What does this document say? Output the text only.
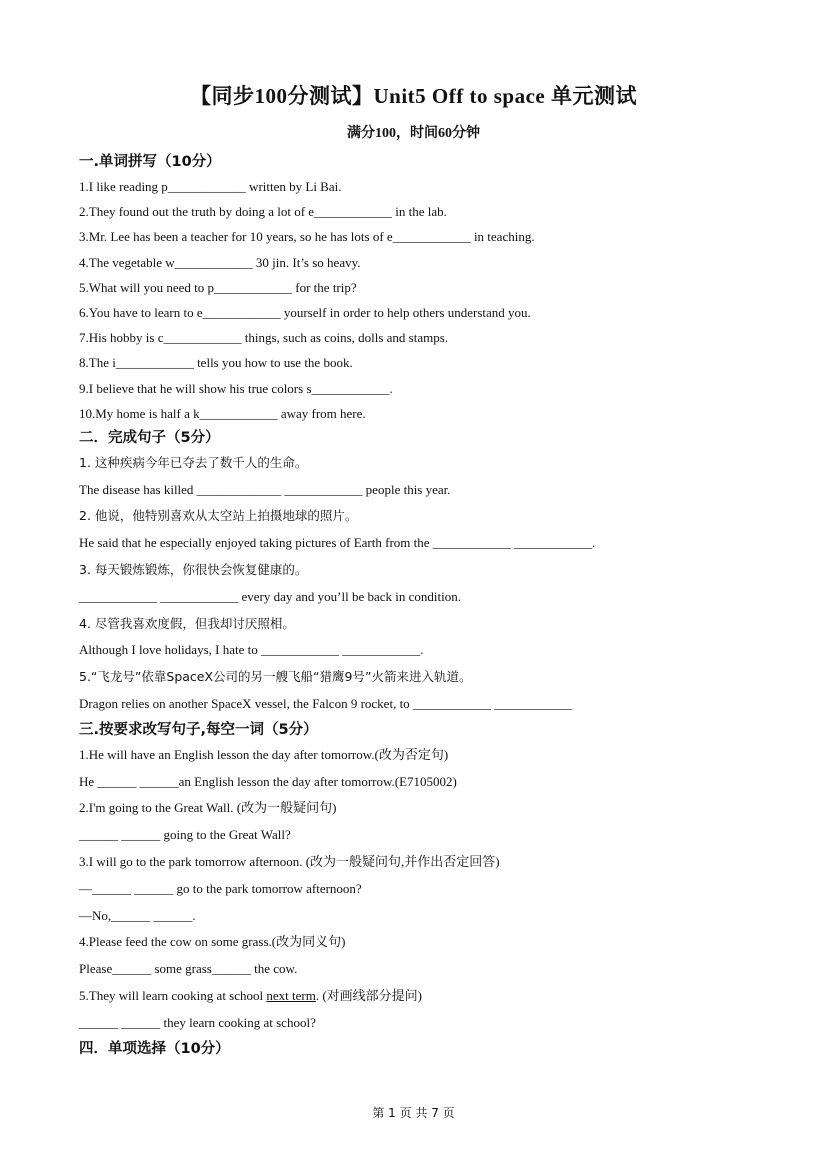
【同步100分测试】Unit5 Off to space 单元测试
满分100，时间60分钟
一.单词拼写（10分）
1.I like reading p____________ written by Li Bai.
2.They found out the truth by doing a lot of e____________ in the lab.
3.Mr. Lee has been a teacher for 10 years, so he has lots of e____________ in teaching.
4.The vegetable w____________ 30 jin. It’s so heavy.
5.What will you need to p____________ for the trip?
6.You have to learn to e____________ yourself in order to help others understand you.
7.His hobby is c____________ things, such as coins, dolls and stamps.
8.The i____________ tells you how to use the book.
9.I believe that he will show his true colors s____________.
10.My home is half a k____________ away from here.
二．完成句子（5分）
1. 这种疾病今年已夺去了数千人的生命。
The disease has killed _____________ ____________ people this year.
2. 他说，他特别喜欢从太空站上拍摄地球的照片。
He said that he especially enjoyed taking pictures of Earth from the ____________ ____________.
3. 每天锻炼锻炼，你很快会恢复健康的。
____________ ____________ every day and you’ll be back in condition.
4. 尽管我喜欢度假，但我却讨厌照相。
Although I love holidays, I hate to ____________ ____________.
5.“飞龙号”依靠SpaceX公司的另一艘飞船“猎鹰9号”火箭来进入轨道。
Dragon relies on another SpaceX vessel, the Falcon 9 rocket, to ____________ ____________
三.按要求改写句子,每空一词（5分）
1.He will have an English lesson the day after tomorrow.(改为否定句)
He ______ ______an English lesson the day after tomorrow.(E7105002)
2.I'm going to the Great Wall. (改为一般疑问句)
______ ______ going to the Great Wall?
3.I will go to the park tomorrow afternoon. (改为一般疑问句,并作出否定回答)
—______ ______ go to the park tomorrow afternoon?
—No,______ ______.
4.Please feed the cow on some grass.(改为同义句)
Please______ some grass______ the cow.
5.They will learn cooking at school next term. (对画线部分提问)
______ ______ they learn cooking at school?
四．单项选择（10分）
第 1 页 共 7 页
